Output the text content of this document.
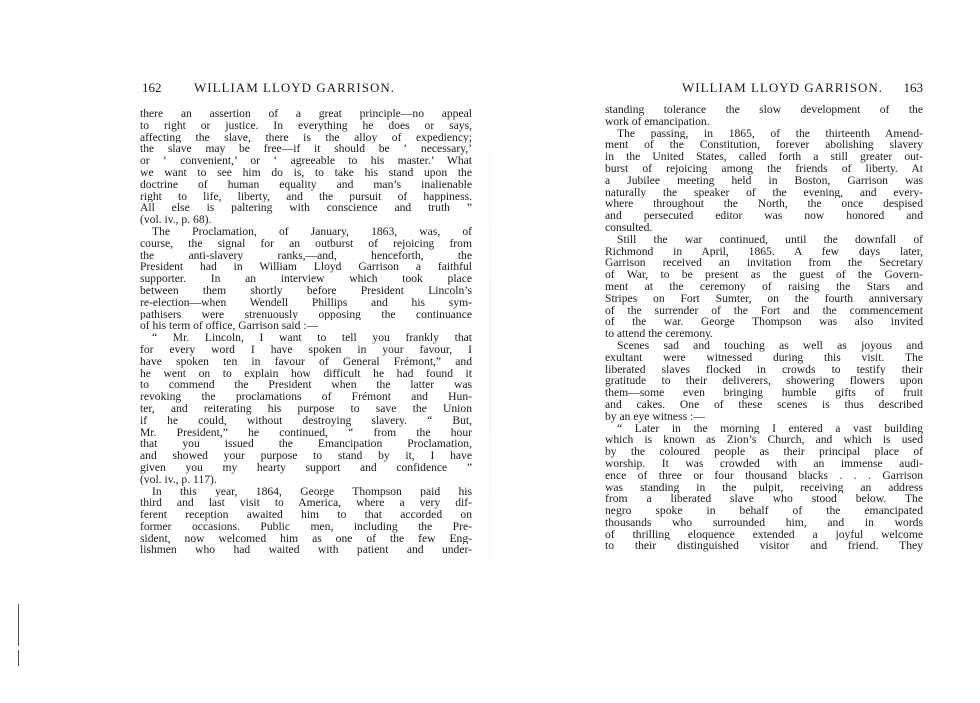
162	WILLIAM LLOYD GARRISON.
there an assertion of a great principle—no appeal
to right or justice. In everything he does or says,
affecting the slave, there is the alloy of expediency;
the slave may be free—if it should be ‘ necessary,’
or ‘ convenient,’ or ‘ agreeable to his master.’ What
we want to see him do is, to take his stand upon the
doctrine of human equality and man’s inalienable
right to life, liberty, and the pursuit of happiness.
All else is paltering with conscience and truth ”
(vol. iv., p. 68).
The Proclamation, of January, 1863, was, of
course, the signal for an outburst of rejoicing from
the anti-slavery ranks,—and, henceforth, the
President had in William Lloyd Garrison a faithful
supporter. In an interview which took place
between them shortly before President Lincoln’s
re-election—when Wendell Phillips and his sym-
pathisers were strenuously opposing the continuance
of his term of office, Garrison said :—
“ Mr. Lincoln, I want to tell you frankly that
for every word I have spoken in your favour, I
have spoken ten in favour of General Frémont,” and
he went on to explain how difficult he had found it
to commend the President when the latter was
revoking the proclamations of Frémont and Hun-
ter, and reiterating his purpose to save the Union
if he could, without destroying slavery. “ But,
Mr. President,” he continued, “ from the hour
that you issued the Emancipation Proclamation,
and showed your purpose to stand by it, I have
given you my hearty support and confidence ”
(vol. iv., p. 117).
In this year, 1864, George Thompson paid his
third and last visit to America, where a very dif-
ferent reception awaited him to that accorded on
former occasions. Public men, including the Pre-
sident, now welcomed him as one of the few Eng-
lishmen who had waited with patient and under-
WILLIAM LLOYD GARRISON. 163
standing tolerance the slow development of the
work of emancipation.
The passing, in 1865, of the thirteenth Amend-
ment of the Constitution, forever abolishing slavery
in the United States, called forth a still greater out-
burst of rejoicing among the friends of liberty. At
a Jubilee meeting held in Boston, Garrison was
naturally the speaker of the evening, and every-
where throughout the North, the once despised
and persecuted editor was now honored and
consulted.
Still the war continued, until the downfall of
Richmond in April, 1865. A few days later,
Garrison received an invitation from the Secretary
of War, to be present as the guest of the Govern-
ment at the ceremony of raising the Stars and
Stripes on Fort Sumter, on the fourth anniversary
of the surrender of the Fort and the commencement
of the war. George Thompson was also invited
to attend the ceremony.
Scenes sad and touching as well as joyous and
exultant were witnessed during this visit. The
liberated slaves flocked in crowds to testify their
gratitude to their deliverers, showering flowers upon
them—some even bringing humble gifts of fruit
and cakes. One of these scenes is thus described
by an eye witness :—
“ Later in the morning I entered a vast building
which is known as Zion’s Church, and which is used
by the coloured people as their principal place of
worship. It was crowded with an immense audi-
ence of three or four thousand blacks . . . Garrison
was standing in the pulpit, receiving an address
from a liberated slave who stood below. The
negro spoke in behalf of the emancipated
thousands who surrounded him, and in words
of thrilling eloquence extended a joyful welcome
to their distinguished visitor and friend. They
